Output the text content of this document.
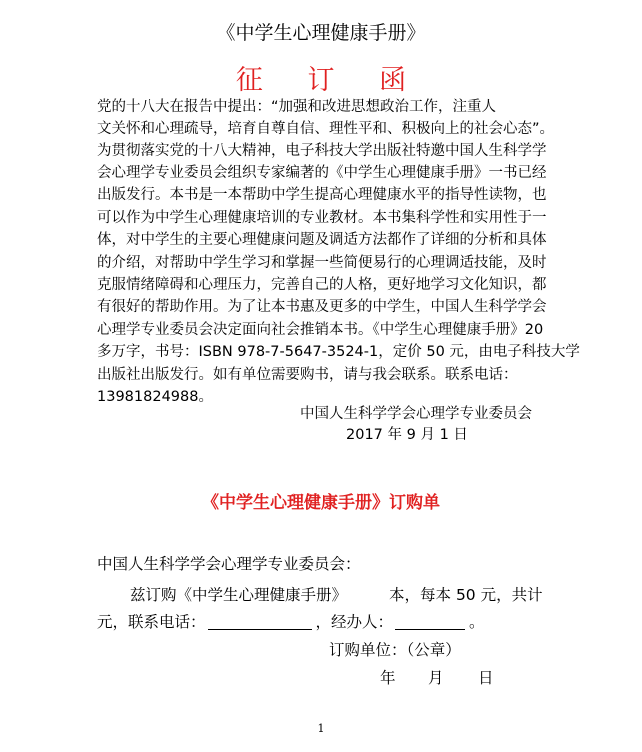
《中学生心理健康手册》
征 订 函
党的十八大在报告中提出：“加强和改进思想政治工作，注重人
文关怀和心理疏导，培育自尊自信、理性平和、积极向上的社会心态”。
为贯彻落实党的十八大精神，电子科技大学出版社特邀中国人生科学学
会心理学专业委员会组织专家编著的《中学生心理健康手册》一书已经
出版发行。本书是一本帮助中学生提高心理健康水平的指导性读物，也
可以作为中学生心理健康培训的专业教材。本书集科学性和实用性于一
体，对中学生的主要心理健康问题及调适方法都作了详细的分析和具体
的介绍，对帮助中学生学习和掌握一些简便易行的心理调适技能，及时
克服情绪障碍和心理压力，完善自己的人格，更好地学习文化知识，都
有很好的帮助作用。为了让本书惠及更多的中学生，中国人生科学学会
心理学专业委员会决定面向社会推销本书。《中学生心理健康手册》20
多万字，书号：ISBN 978-7-5647-3524-1，定价 50 元，由电子科技大学
出版社出版发行。如有单位需要购书，请与我会联系。联系电话：
13981824988。
中国人生科学学会心理学专业委员会
2017 年 9 月 1 日
《中学生心理健康手册》订购单
中国人生科学学会心理学专业委员会：
兹订购《中学生心理健康手册》	本，每本 50 元，共计
元，联系电话：	，经办人：	。
订购单位：（公章）
年 月 日
1
